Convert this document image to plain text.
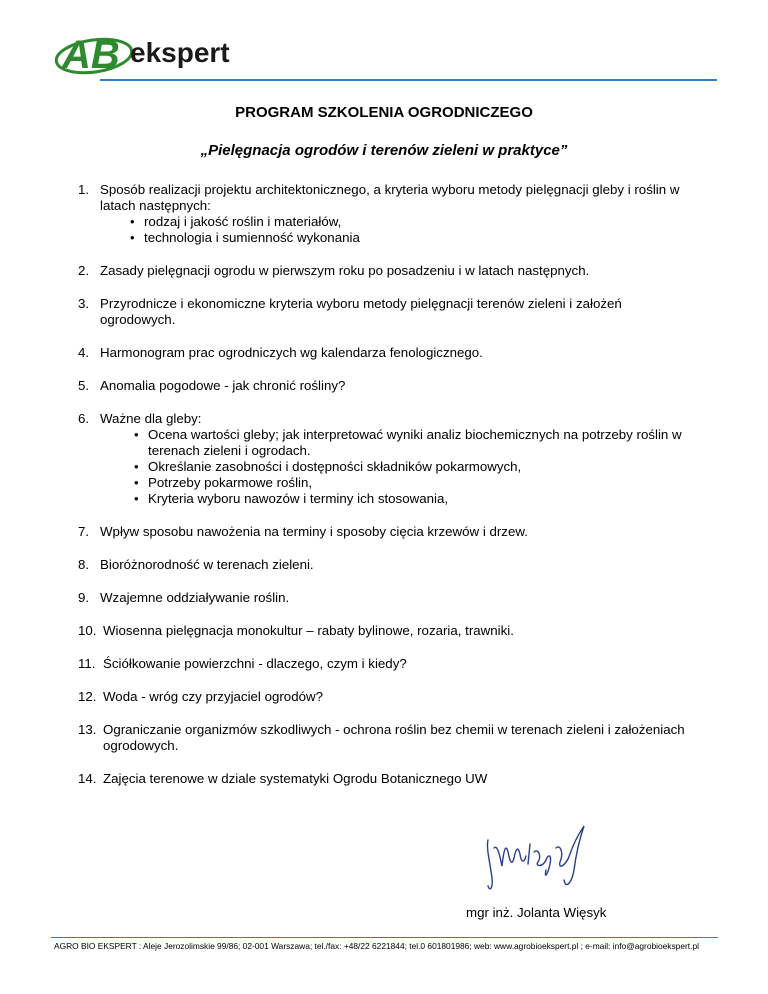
AB ekspert
PROGRAM SZKOLENIA OGRODNICZEGO
„Pielęgnacja ogrodów i terenów zieleni w praktyce”
1. Sposób realizacji projektu architektonicznego, a kryteria wyboru metody pielęgnacji gleby i roślin w latach następnych:
• rodzaj i jakość roślin i materiałów,
• technologia i sumienność wykonania
2. Zasady pielęgnacji ogrodu w pierwszym roku po posadzeniu i w latach następnych.
3. Przyrodnicze i ekonomiczne kryteria wyboru metody pielęgnacji terenów zieleni i założeń ogrodowych.
4. Harmonogram prac ogrodniczych wg kalendarza fenologicznego.
5. Anomalia pogodowe - jak chronić rośliny?
6. Ważne dla gleby:
• Ocena wartości gleby; jak interpretować wyniki analiz biochemicznych na potrzeby roślin w terenach zieleni i ogrodach.
• Określanie zasobności i dostępności składników pokarmowych,
• Potrzeby pokarmowe roślin,
• Kryteria wyboru nawozów i terminy ich stosowania,
7. Wpływ sposobu nawożenia na terminy i sposoby cięcia krzewów i drzew.
8. Bioróżnorodność w terenach zieleni.
9. Wzajemne oddziaływanie roślin.
10. Wiosenna pielęgnacja monokultur – rabaty bylinowe, rozaria, trawniki.
11. Ściółkowanie powierzchni - dlaczego, czym i kiedy?
12. Woda - wróg czy przyjaciel ogrodów?
13. Ograniczanie organizmów szkodliwych - ochrona roślin bez chemii w terenach zieleni i założeniach ogrodowych.
14. Zajęcia terenowe w dziale systematyki Ogrodu Botanicznego UW
mgr inż. Jolanta Więsyk
AGRO BIO EKSPERT : Aleje Jerozolimskie 99/86; 02-001 Warszawa; tel./fax: +48/22 6221844; tel.0 601801986; web: www.agrobioekspert.pl ; e-mail: info@agrobioekspert.pl
